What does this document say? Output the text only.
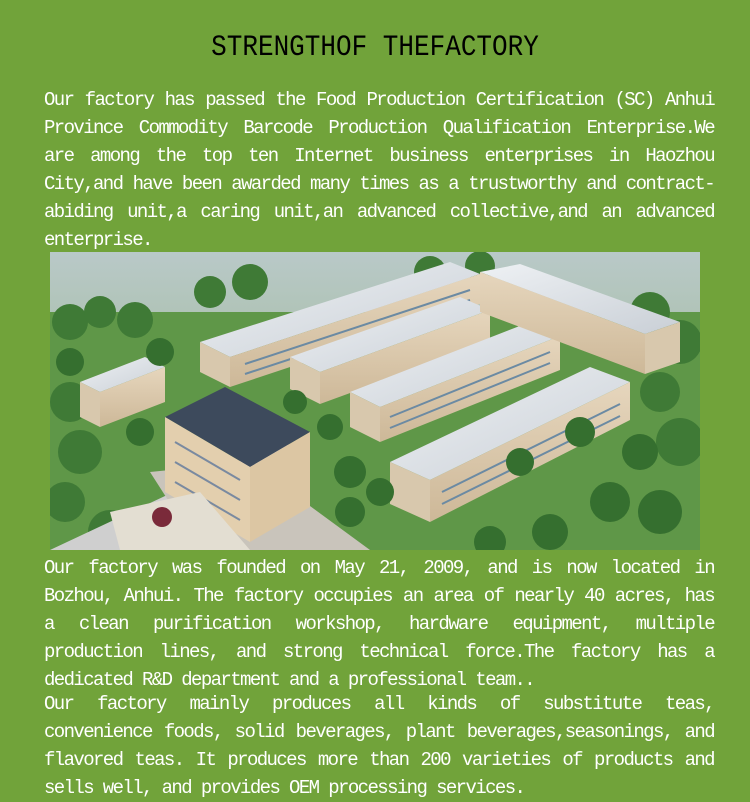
STRENGTHOF THEFACTORY
Our factory has passed the Food Production Certification (SC) Anhui Province Commodity Barcode Production Qualification Enterprise.We are among the top ten Internet business enterprises in Haozhou City,and have been awarded many times as a trustworthy and contract-abiding unit,a caring unit,an advanced collective,and an advanced enterprise.
Our factory was founded on May 21, 2009, and is now located in Bozhou, Anhui. The factory occupies an area of nearly 40 acres, has a clean purification workshop, hardware equipment, multiple production lines, and strong technical force.The factory has a dedicated R&D department and a professional team..
Our factory mainly produces all kinds of substitute teas, convenience foods, solid beverages, plant beverages,seasonings, and flavored teas. It produces more than 200 varieties of products and sells well, and provides OEM processing services.
